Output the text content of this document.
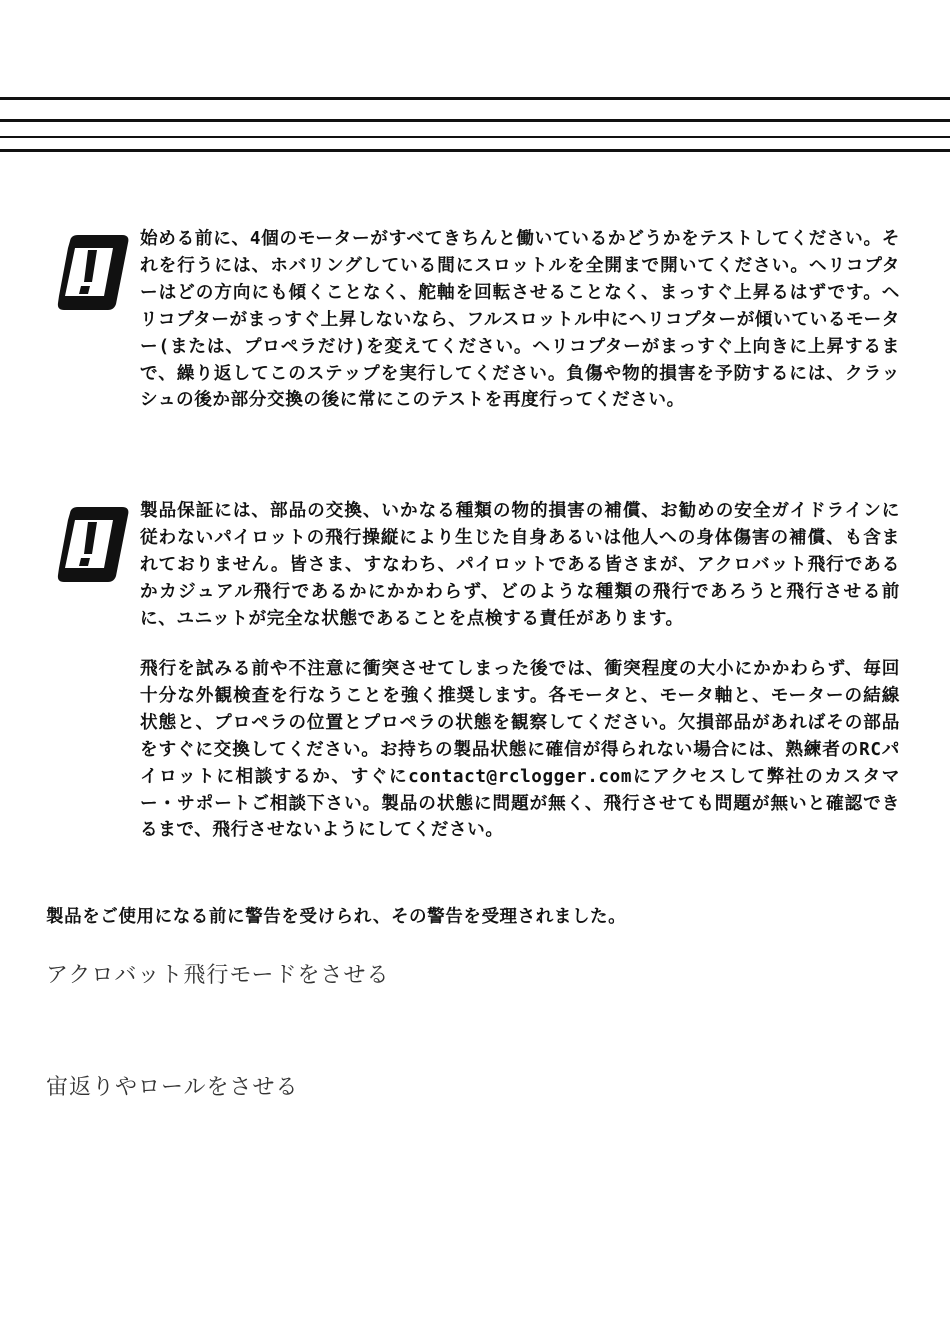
始める前に、4個のモーターがすべてきちんと働いているかどうかをテストしてください。それを行うには、ホバリングしている間にスロットルを全開まで開いてください。ヘリコプターはどの方向にも傾くことなく、舵軸を回転させることなく、まっすぐ上昇るはずです。ヘリコプターがまっすぐ上昇しないなら、フルスロットル中にヘリコプターが傾いているモーター(または、プロペラだけ)を変えてください。ヘリコプターがまっすぐ上向きに上昇するまで、繰り返してこのステップを実行してください。負傷や物的損害を予防するには、クラッシュの後か部分交換の後に常にこのテストを再度行ってください。

製品保証には、部品の交換、いかなる種類の物的損害の補償、お勧めの安全ガイドラインに従わないパイロットの飛行操縦により生じた自身あるいは他人への身体傷害の補償、も含まれておりません。皆さま、すなわち、パイロットである皆さまが、アクロバット飛行であるかカジュアル飛行であるかにかかわらず、どのような種類の飛行であろうと飛行させる前に、ユニットが完全な状態であることを点検する責任があります。

飛行を試みる前や不注意に衝突させてしまった後では、衝突程度の大小にかかわらず、毎回十分な外観検査を行なうことを強く推奨します。各モータと、モータ軸と、モーターの結線状態と、プロペラの位置とプロペラの状態を観察してください。欠損部品があればその部品をすぐに交換してください。お持ちの製品状態に確信が得られない場合には、熟練者のRCパイロットに相談するか、すぐにcontact@rclogger.comにアクセスして弊社のカスタマー・サポートご相談下さい。製品の状態に問題が無く、飛行させても問題が無いと確認できるまで、飛行させないようにしてください。

製品をご使用になる前に警告を受けられ、その警告を受理されました。

アクロバット飛行モードをさせる
宙返りやロールをさせる
